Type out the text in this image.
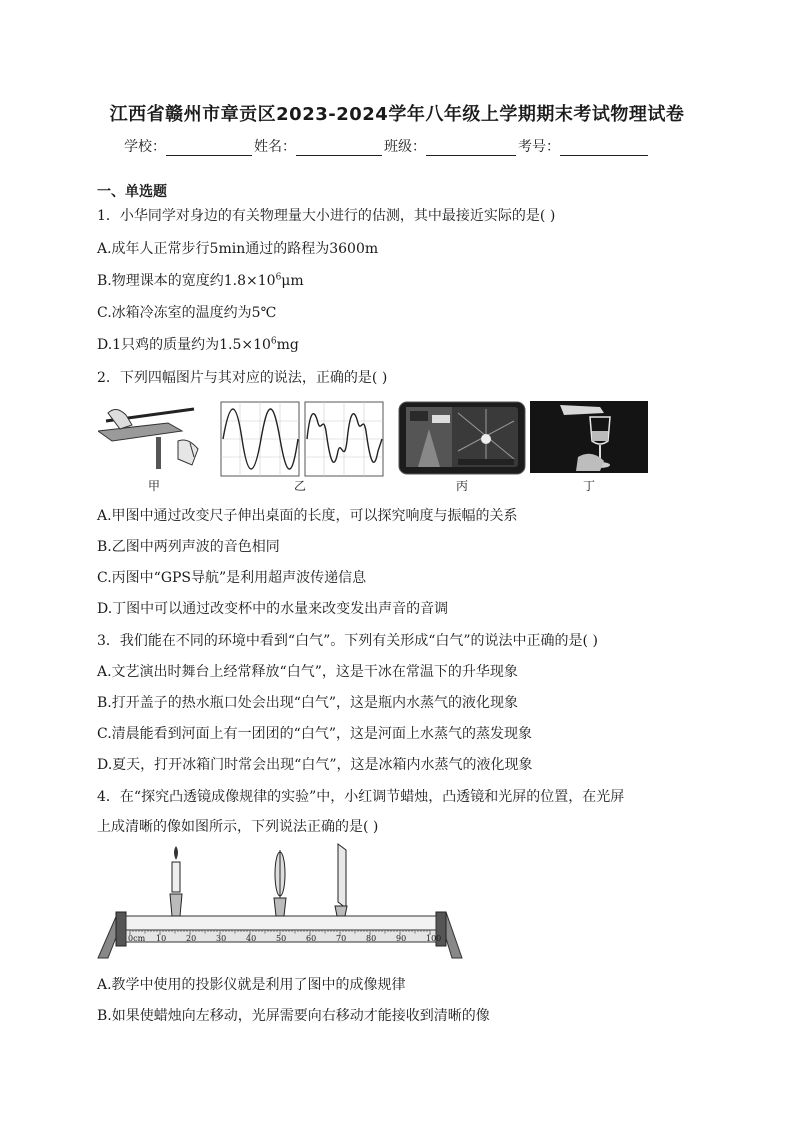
江西省赣州市章贡区2023-2024学年八年级上学期期末考试物理试卷
学校：	姓名：	班级：	考号：
一、单选题
1．小华同学对身边的有关物理量大小进行的估测，其中最接近实际的是( )
A.成年人正常步行5min通过的路程为3600m
B.物理课本的宽度约$1.8\times 10^6\mu m$
C.冰箱冷冻室的温度约为5℃
D.1只鸡的质量约为$1.5\times 10^6mg$
2．下列四幅图片与其对应的说法，正确的是( )
甲	乙	丙	丁
A.甲图中通过改变尺子伸出桌面的长度，可以探究响度与振幅的关系
B.乙图中两列声波的音色相同
C.丙图中“GPS导航”是利用超声波传递信息
D.丁图中可以通过改变杯中的水量来改变发出声音的音调
3．我们能在不同的环境中看到“白气”。下列有关形成“白气”的说法中正确的是( )
A.文艺演出时舞台上经常释放“白气”，这是干冰在常温下的升华现象
B.打开盖子的热水瓶口处会出现“白气”，这是瓶内水蒸气的液化现象
C.清晨能看到河面上有一团团的“白气”，这是河面上水蒸气的蒸发现象
D.夏天，打开冰箱门时常会出现“白气”，这是冰箱内水蒸气的液化现象
4．在“探究凸透镜成像规律的实验”中，小红调节蜡烛，凸透镜和光屏的位置，在光屏
上成清晰的像如图所示，下列说法正确的是( )
0cm 10 20 30 40 50 60 70 80 90 100
A.教学中使用的投影仪就是利用了图中的成像规律
B.如果使蜡烛向左移动，光屏需要向右移动才能接收到清晰的像
